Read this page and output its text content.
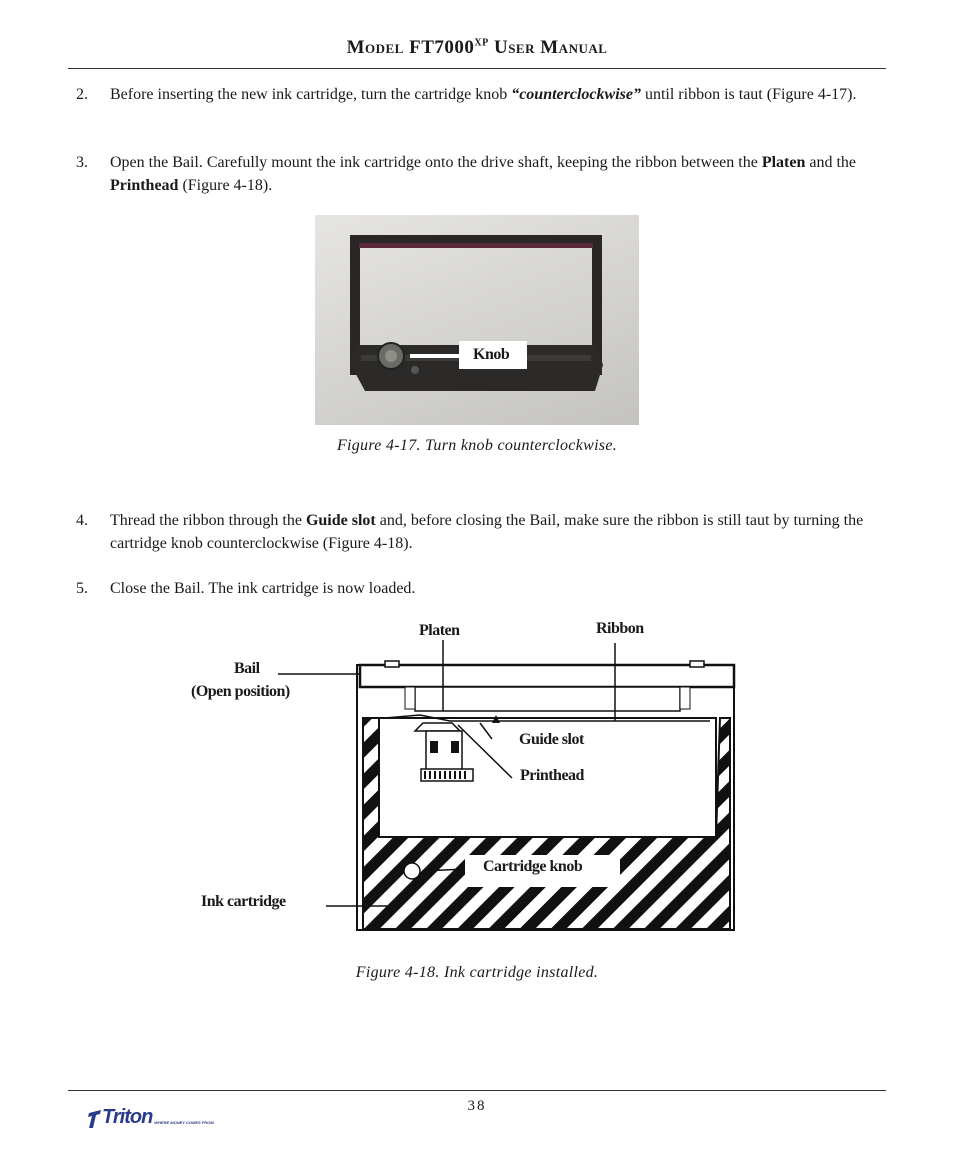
Model $FT7000^{XP}$ User Manual
2. Before inserting the new ink cartridge, turn the cartridge knob “counterclockwise” until ribbon is taut (Figure 4-17).
3. Open the Bail. Carefully mount the ink cartridge onto the drive shaft, keeping the ribbon between the Platen and the Printhead (Figure 4-18).
Knob
Figure 4-17. Turn knob counterclockwise.
4. Thread the ribbon through the Guide slot and, before closing the Bail, make sure the ribbon is still taut by turning the cartridge knob counterclockwise (Figure 4-18).
5. Close the Bail. The ink cartridge is now loaded.
Platen	Ribbon
Bail
(Open position)
Guide slot
Printhead
Cartridge knob
Ink cartridge
Figure 4-18. Ink cartridge installed.
38
Triton WHERE MONEY COMES FROM.
